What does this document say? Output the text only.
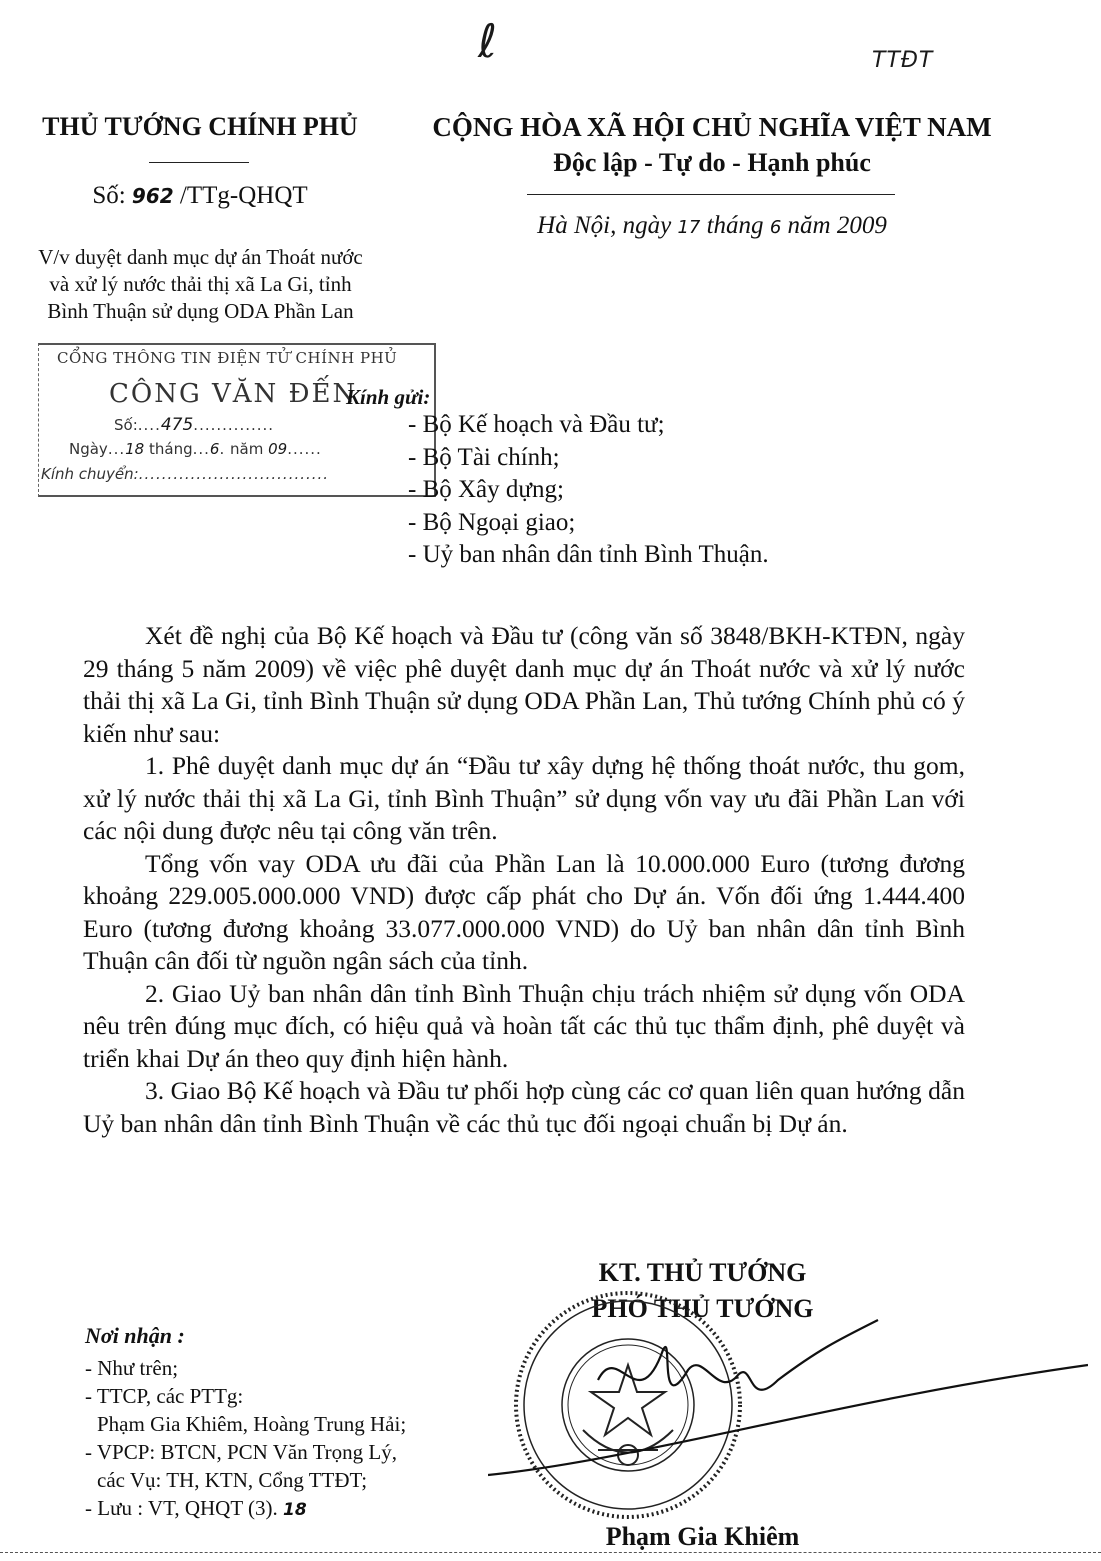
ℓ	TTĐT
THỦ TƯỚNG CHÍNH PHỦ	CỘNG HÒA XÃ HỘI CHỦ NGHĨA VIỆT NAM
Độc lập - Tự do - Hạnh phúc
Số: 962 /TTg-QHQT
Hà Nội, ngày 17 tháng 6 năm 2009
V/v duyệt danh mục dự án Thoát nước
và xử lý nước thải thị xã La Gi, tỉnh
Bình Thuận sử dụng ODA Phần Lan
CỔNG THÔNG TIN ĐIỆN TỬ CHÍNH PHỦ
CÔNG VĂN ĐẾN
Số:....475..............
Ngày...18 tháng...6. năm 09......
Kính chuyển:.................................
Kính gửi:
- Bộ Kế hoạch và Đầu tư;
- Bộ Tài chính;
- Bộ Xây dựng;
- Bộ Ngoại giao;
- Uỷ ban nhân dân tỉnh Bình Thuận.

Xét đề nghị của Bộ Kế hoạch và Đầu tư (công văn số 3848/BKH-KTĐN, ngày 29 tháng 5 năm 2009) về việc phê duyệt danh mục dự án Thoát nước và xử lý nước thải thị xã La Gi, tỉnh Bình Thuận sử dụng ODA Phần Lan, Thủ tướng Chính phủ có ý kiến như sau:

1. Phê duyệt danh mục dự án “Đầu tư xây dựng hệ thống thoát nước, thu gom, xử lý nước thải thị xã La Gi, tỉnh Bình Thuận” sử dụng vốn vay ưu đãi Phần Lan với các nội dung được nêu tại công văn trên.

Tổng vốn vay ODA ưu đãi của Phần Lan là 10.000.000 Euro (tương đương khoảng 229.005.000.000 VND) được cấp phát cho Dự án. Vốn đối ứng 1.444.400 Euro (tương đương khoảng 33.077.000.000 VND) do Uỷ ban nhân dân tỉnh Bình Thuận cân đối từ nguồn ngân sách của tỉnh.

2. Giao Uỷ ban nhân dân tỉnh Bình Thuận chịu trách nhiệm sử dụng vốn ODA nêu trên đúng mục đích, có hiệu quả và hoàn tất các thủ tục thẩm định, phê duyệt và triển khai Dự án theo quy định hiện hành.

3. Giao Bộ Kế hoạch và Đầu tư phối hợp cùng các cơ quan liên quan hướng dẫn Uỷ ban nhân dân tỉnh Bình Thuận về các thủ tục đối ngoại chuẩn bị Dự án.

KT. THỦ TƯỚNG
PHÓ THỦ TƯỚNG
Phạm Gia Khiêm
Nơi nhận :
- Như trên;
- TTCP, các PTTg:
Phạm Gia Khiêm, Hoàng Trung Hải;
- VPCP: BTCN, PCN Văn Trọng Lý,
các Vụ: TH, KTN, Cổng TTĐT;
- Lưu : VT, QHQT (3). 18
